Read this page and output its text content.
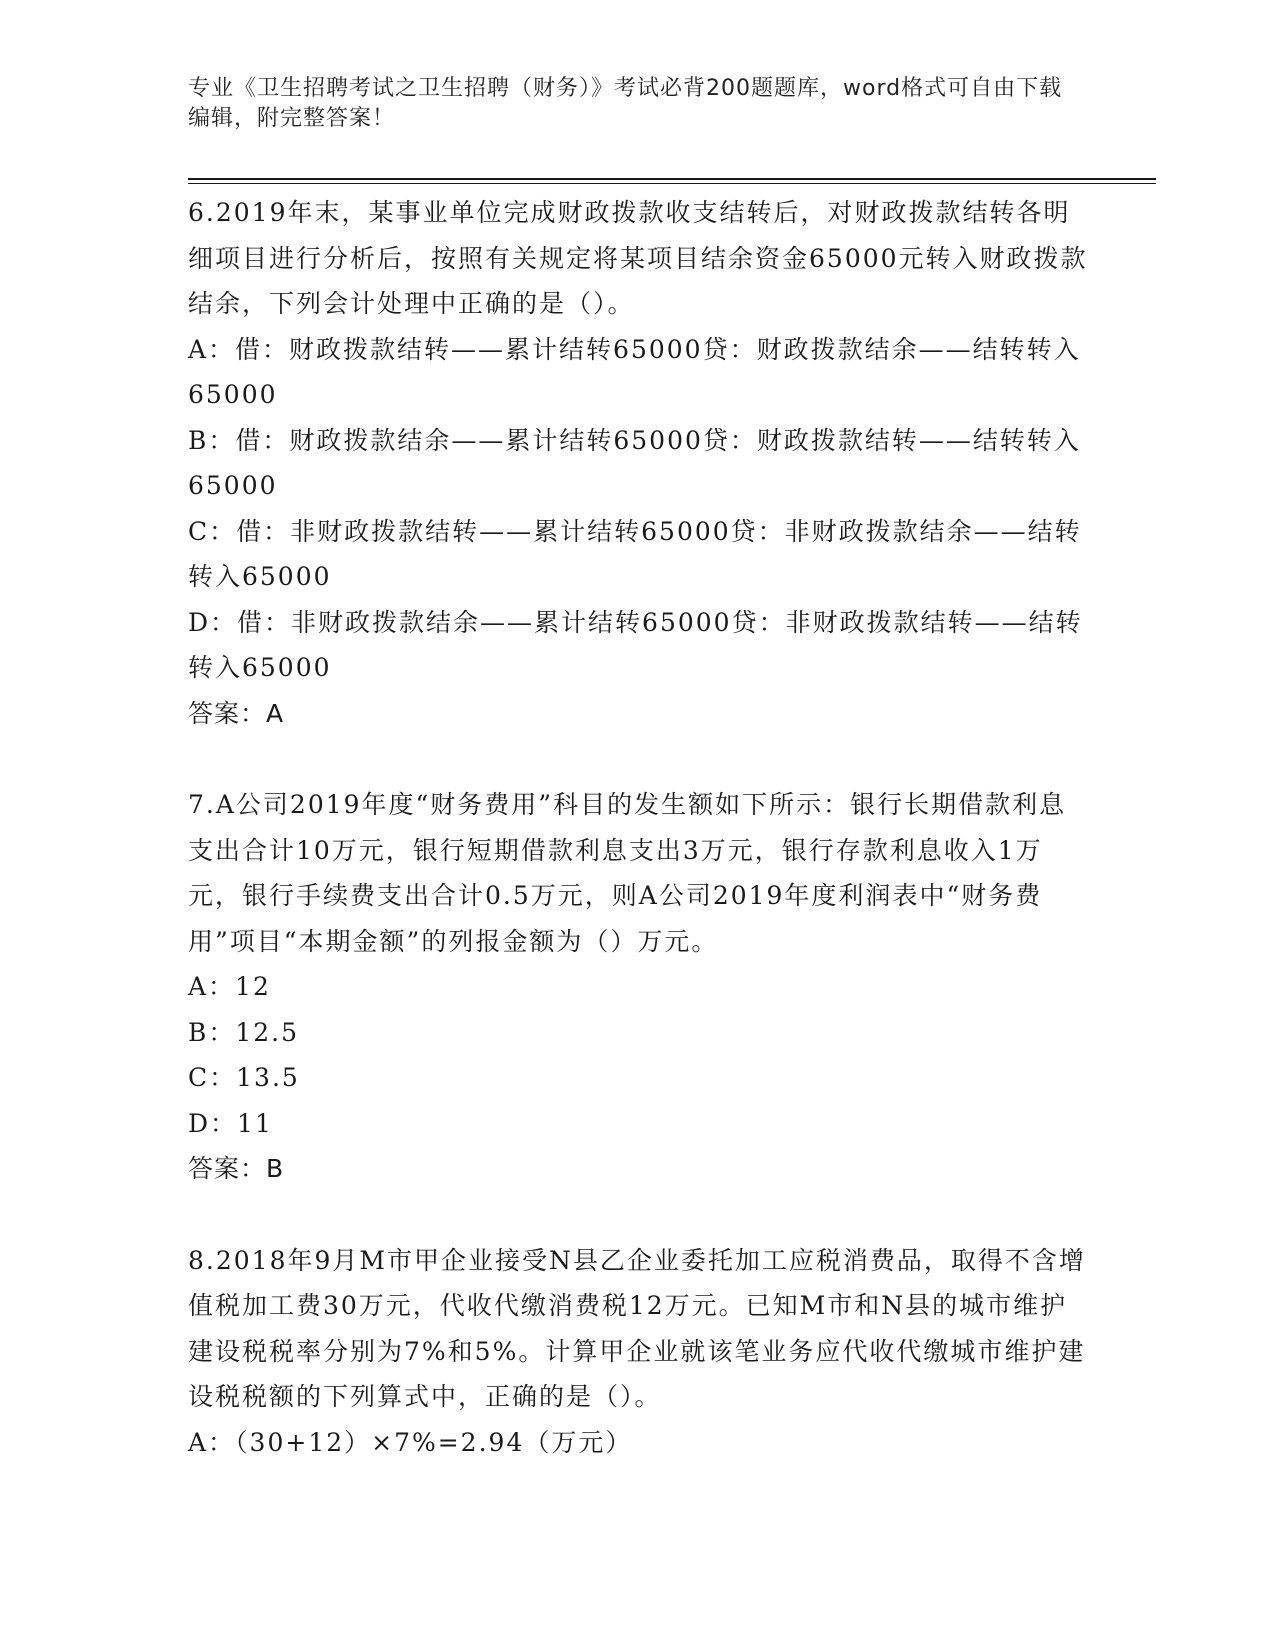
专业《卫生招聘考试之卫生招聘（财务）》考试必背200题题库，word格式可自由下载编辑，附完整答案！

6.2019年末，某事业单位完成财政拨款收支结转后，对财政拨款结转各明细项目进行分析后，按照有关规定将某项目结余资金65000元转入财政拨款结余，下列会计处理中正确的是（）。

A：借：财政拨款结转——累计结转65000贷：财政拨款结余——结转转入65000

B：借：财政拨款结余——累计结转65000贷：财政拨款结转——结转转入65000

C：借：非财政拨款结转——累计结转65000贷：非财政拨款结余——结转转入65000

D：借：非财政拨款结余——累计结转65000贷：非财政拨款结转——结转转入65000

答案：A

7.A公司2019年度“财务费用”科目的发生额如下所示：银行长期借款利息支出合计10万元，银行短期借款利息支出3万元，银行存款利息收入1万元，银行手续费支出合计0.5万元，则A公司2019年度利润表中“财务费用”项目“本期金额”的列报金额为（）万元。

A：12

B：12.5

C：13.5

D：11

答案：B

8.2018年9月M市甲企业接受N县乙企业委托加工应税消费品，取得不含增值税加工费30万元，代收代缴消费税12万元。已知M市和N县的城市维护建设税税率分别为7%和5%。计算甲企业就该笔业务应代收代缴城市维护建设税税额的下列算式中，正确的是（）。

A：（30+12）×7%=2.94（万元）
